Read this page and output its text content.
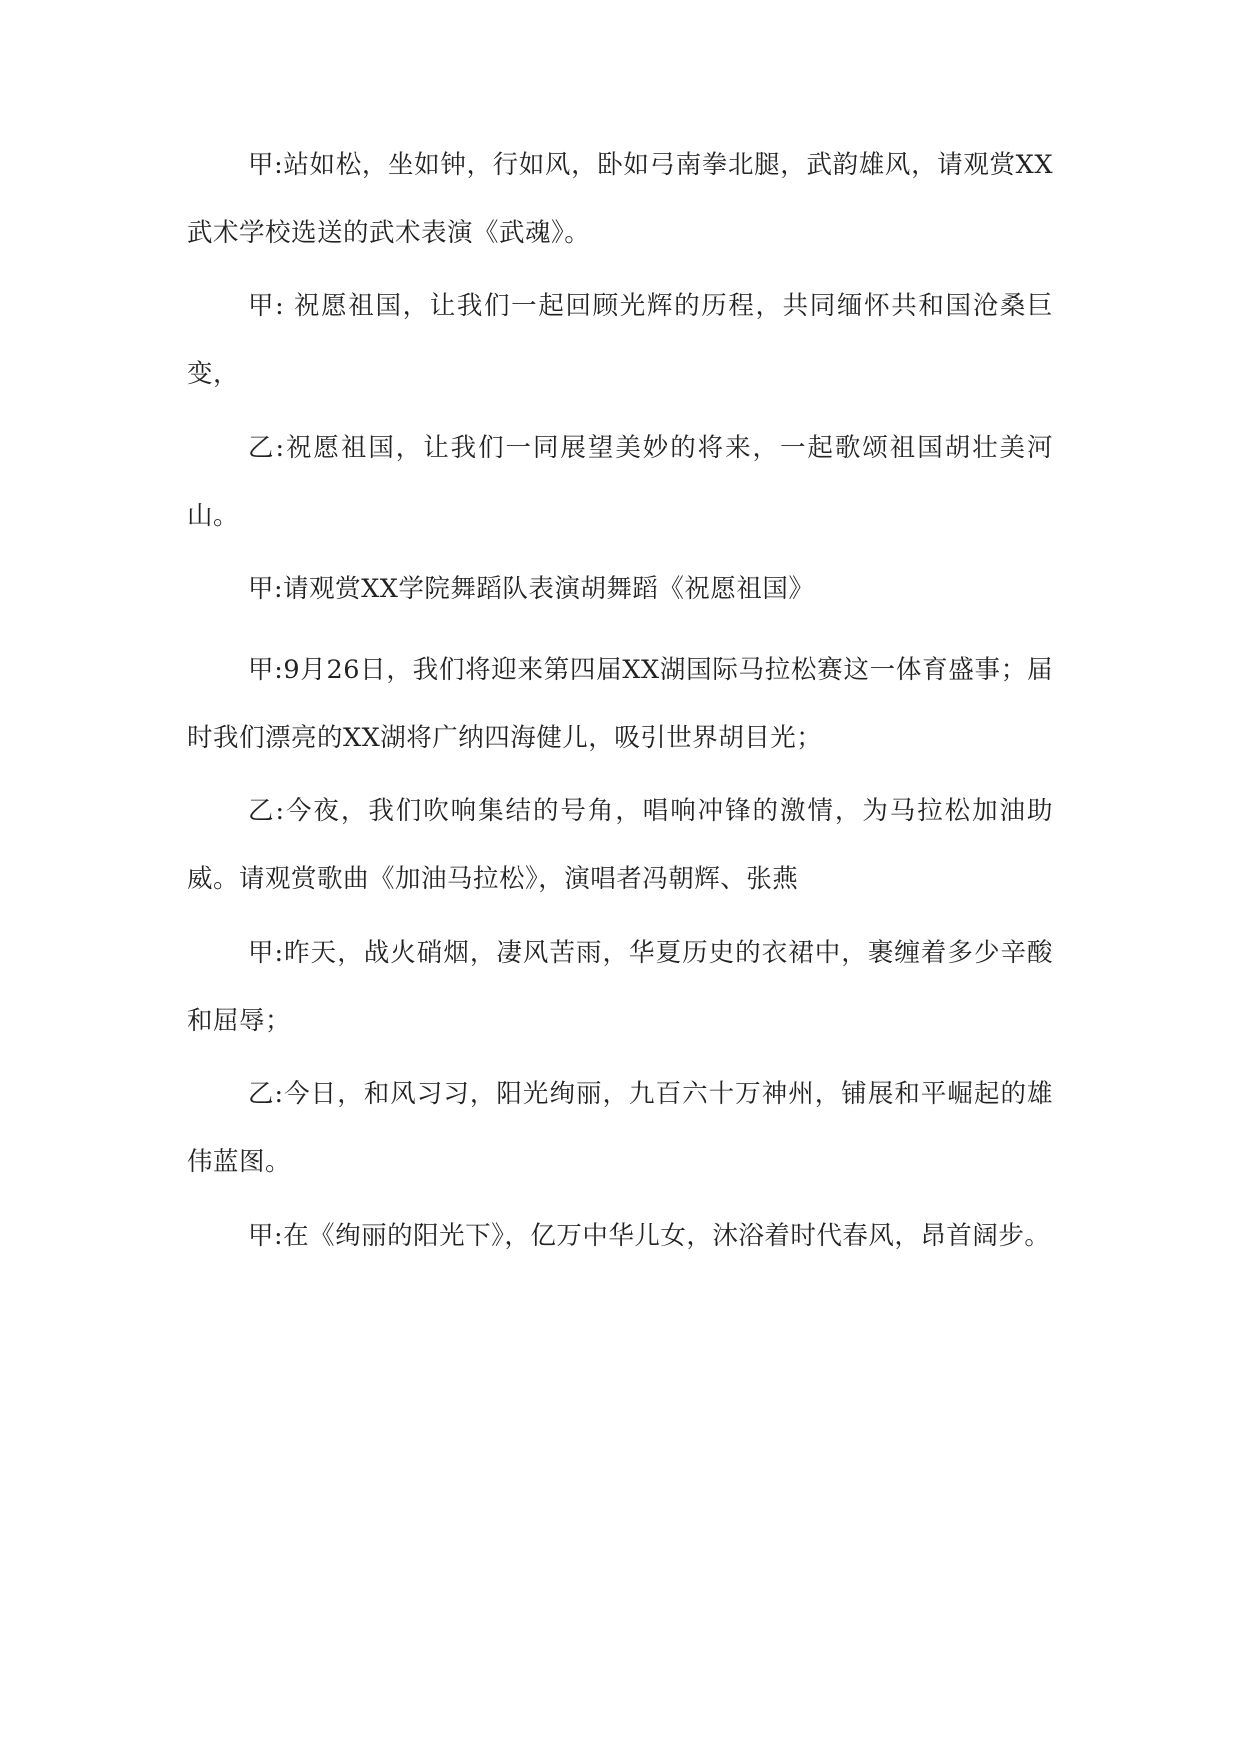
甲:站如松，坐如钟，行如风，卧如弓南拳北腿，武韵雄风，请观赏XX武术学校选送的武术表演《武魂》。

甲: 祝愿祖国，让我们一起回顾光辉的历程，共同缅怀共和国沧桑巨变，

乙:祝愿祖国，让我们一同展望美妙的将来，一起歌颂祖国胡壮美河山。

甲:请观赏XX学院舞蹈队表演胡舞蹈《祝愿祖国》

甲:9月26日，我们将迎来第四届XX湖国际马拉松赛这一体育盛事；届时我们漂亮的XX湖将广纳四海健儿，吸引世界胡目光；

乙:今夜，我们吹响集结的号角，唱响冲锋的激情，为马拉松加油助威。请观赏歌曲《加油马拉松》，演唱者冯朝辉、张燕

甲:昨天，战火硝烟，凄风苦雨，华夏历史的衣裙中，裹缠着多少辛酸和屈辱；

乙:今日，和风习习，阳光绚丽，九百六十万神州，铺展和平崛起的雄伟蓝图。

甲:在《绚丽的阳光下》，亿万中华儿女，沐浴着时代春风，昂首阔步。
